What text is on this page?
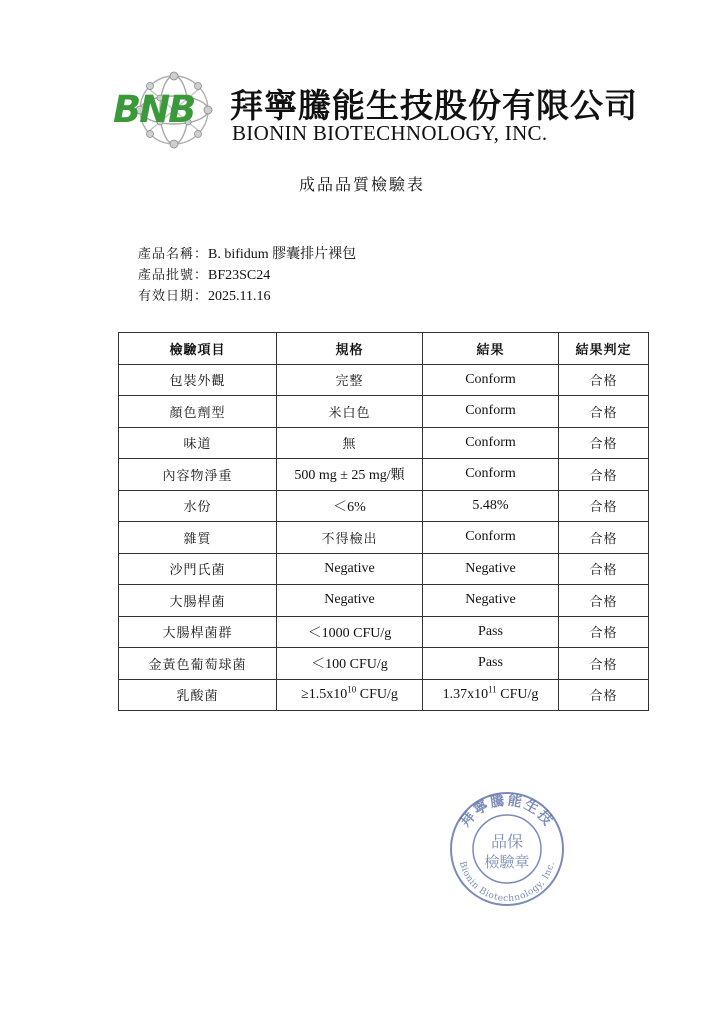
BNB 拜寧騰能生技股份有限公司
BIONIN BIOTECHNOLOGY, INC.
成品品質檢驗表
產品名稱：B. bifidum 膠囊排片裸包
產品批號：BF23SC24
有效日期：2025.11.16
檢驗項目	規格	結果	結果判定
包裝外觀	完整	Conform	合格
顏色劑型	米白色	Conform	合格
味道	無	Conform	合格
內容物淨重	500 mg ± 25 mg/顆	Conform	合格
水份	＜6%	5.48%	合格
雜質	不得檢出	Conform	合格
沙門氏菌	Negative	Negative	合格
大腸桿菌	Negative	Negative	合格
大腸桿菌群	＜1000 CFU/g	Pass	合格
金黃色葡萄球菌	＜100 CFU/g	Pass	合格
乳酸菌	$\ge 1.5x10^{10}$ CFU/g	$1.37x10^{11}$ CFU/g	合格
拜寧騰能生技
Bionin Biotechnology, Inc.
品保
檢驗章
